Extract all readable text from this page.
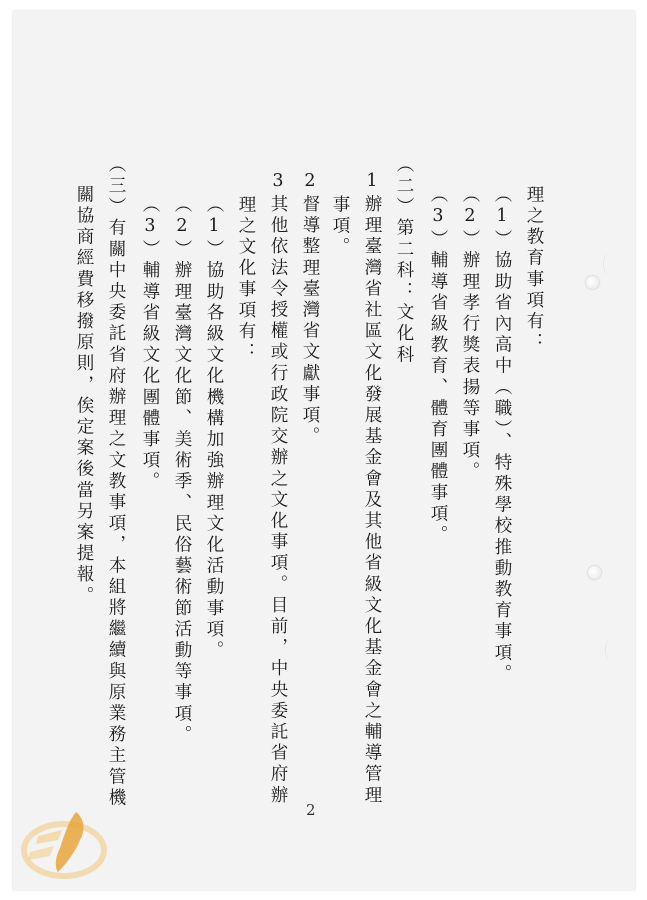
理之教育事項有：

（1）協助省內高中（職）、特殊學校推動教育事項。

（2）辦理孝行獎表揚等事項。

（3）輔導省級教育、體育團體事項。

（二）第二科：文化科

1辦理臺灣省社區文化發展基金會及其他省級文化基金會之輔導管理

事項。

2督導整理臺灣省文獻事項。

3其他依法令授權或行政院交辦之文化事項。目前，中央委託省府辦

理之文化事項有：

（1）協助各級文化機構加強辦理文化活動事項。

（2）辦理臺灣文化節、美術季、民俗藝術節活動等事項。

（3）輔導省級文化團體事項。

（三）有關中央委託省府辦理之文教事項，本組將繼續與原業務主管機

關協商經費移撥原則，俟定案後當另案提報。

2
